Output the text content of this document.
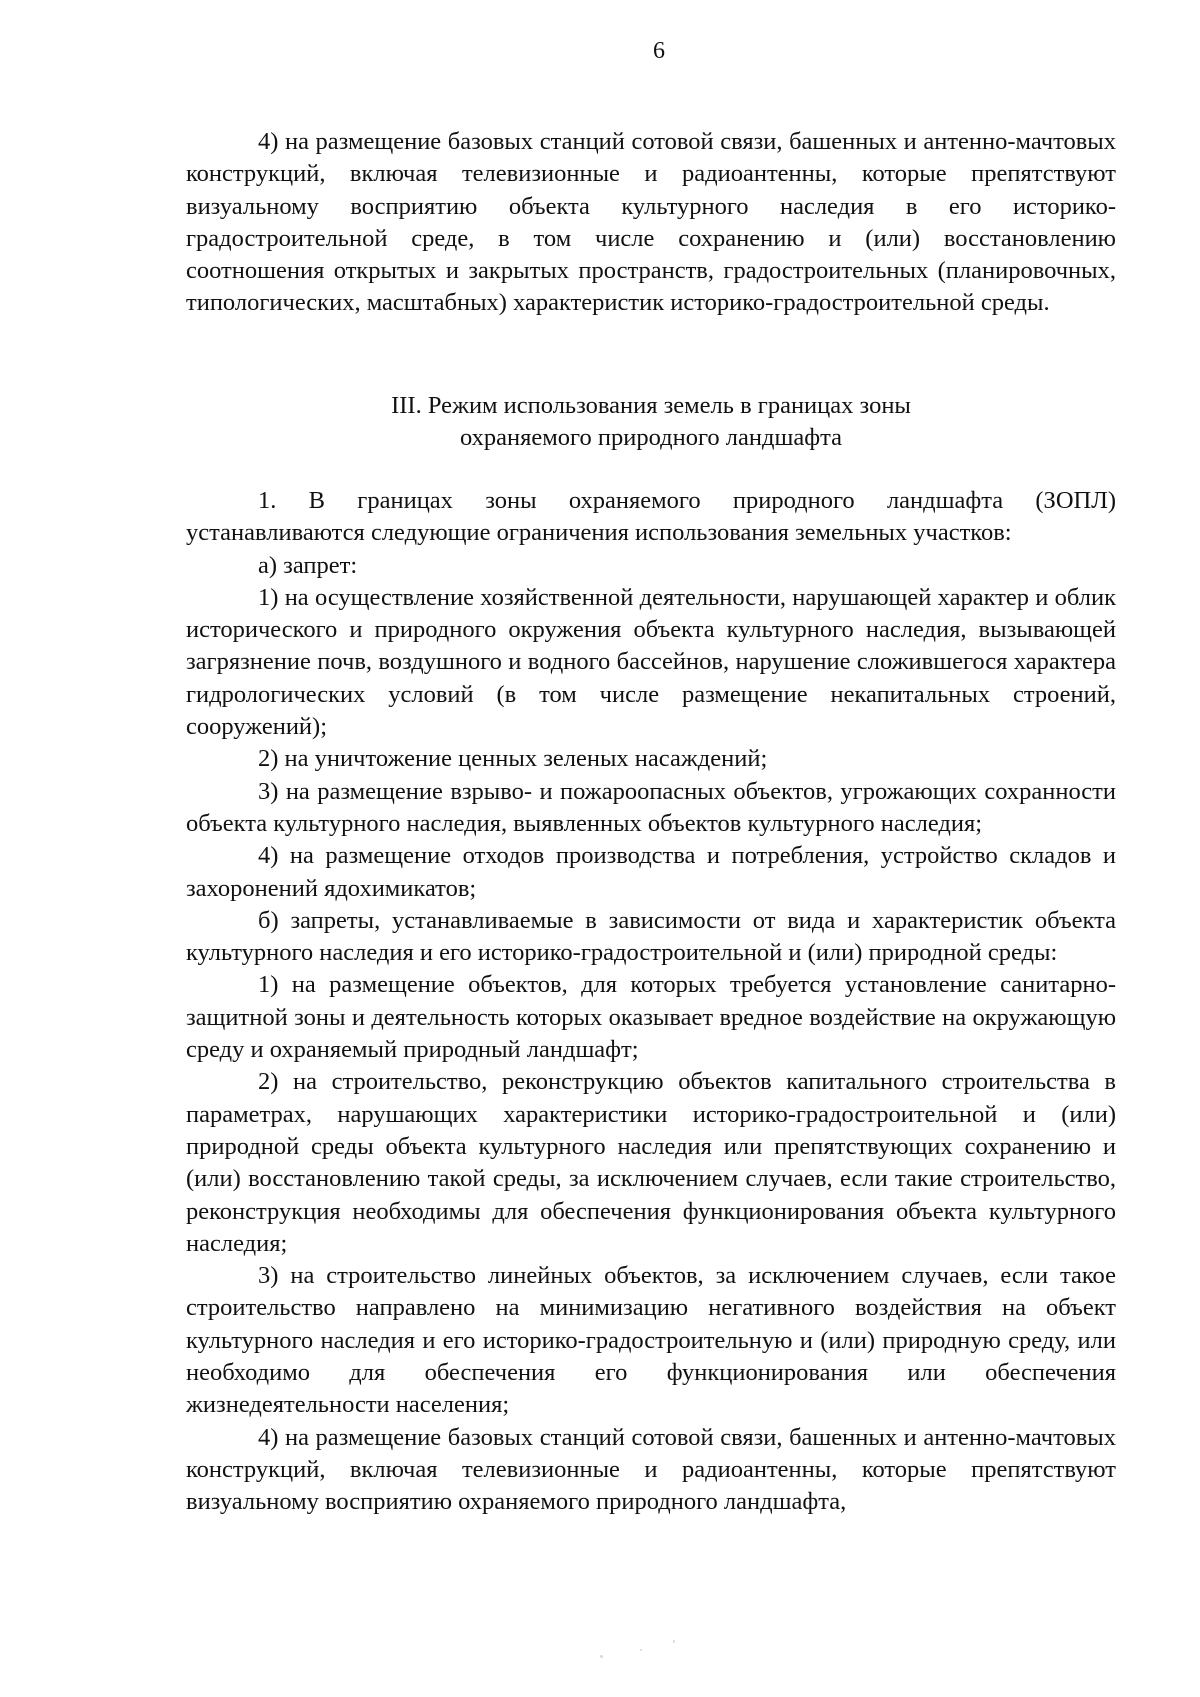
6

4) на размещение базовых станций сотовой связи, башенных и антенно-мачтовых конструкций, включая телевизионные и радиоантенны, которые препятствуют визуальному восприятию объекта культурного наследия в его историко-градостроительной среде, в том числе сохранению и (или) восстановлению соотношения открытых и закрытых пространств, градостроительных (планировочных, типологических, масштабных) характеристик историко-градостроительной среды.

III. Режим использования земель в границах зоны
охраняемого природного ландшафта

1. В границах зоны охраняемого природного ландшафта (ЗОПЛ) устанавливаются следующие ограничения использования земельных участков:

а) запрет:

1) на осуществление хозяйственной деятельности, нарушающей характер и облик исторического и природного окружения объекта культурного наследия, вызывающей загрязнение почв, воздушного и водного бассейнов, нарушение сложившегося характера гидрологических условий (в том числе размещение некапитальных строений, сооружений);

2) на уничтожение ценных зеленых насаждений;

3) на размещение взрыво- и пожароопасных объектов, угрожающих сохранности объекта культурного наследия, выявленных объектов культурного наследия;

4) на размещение отходов производства и потребления, устройство складов и захоронений ядохимикатов;

б) запреты, устанавливаемые в зависимости от вида и характеристик объекта культурного наследия и его историко-градостроительной и (или) природной среды:

1) на размещение объектов, для которых требуется установление санитарно-защитной зоны и деятельность которых оказывает вредное воздействие на окружающую среду и охраняемый природный ландшафт;

2) на строительство, реконструкцию объектов капитального строительства в параметрах, нарушающих характеристики историко-градостроительной и (или) природной среды объекта культурного наследия или препятствующих сохранению и (или) восстановлению такой среды, за исключением случаев, если такие строительство, реконструкция необходимы для обеспечения функционирования объекта культурного наследия;

3) на строительство линейных объектов, за исключением случаев, если такое строительство направлено на минимизацию негативного воздействия на объект культурного наследия и его историко-градостроительную и (или) природную среду, или необходимо для обеспечения его функционирования или обеспечения жизнедеятельности населения;

4) на размещение базовых станций сотовой связи, башенных и антенно-мачтовых конструкций, включая телевизионные и радиоантенны, которые препятствуют визуальному восприятию охраняемого природного ландшафта,
